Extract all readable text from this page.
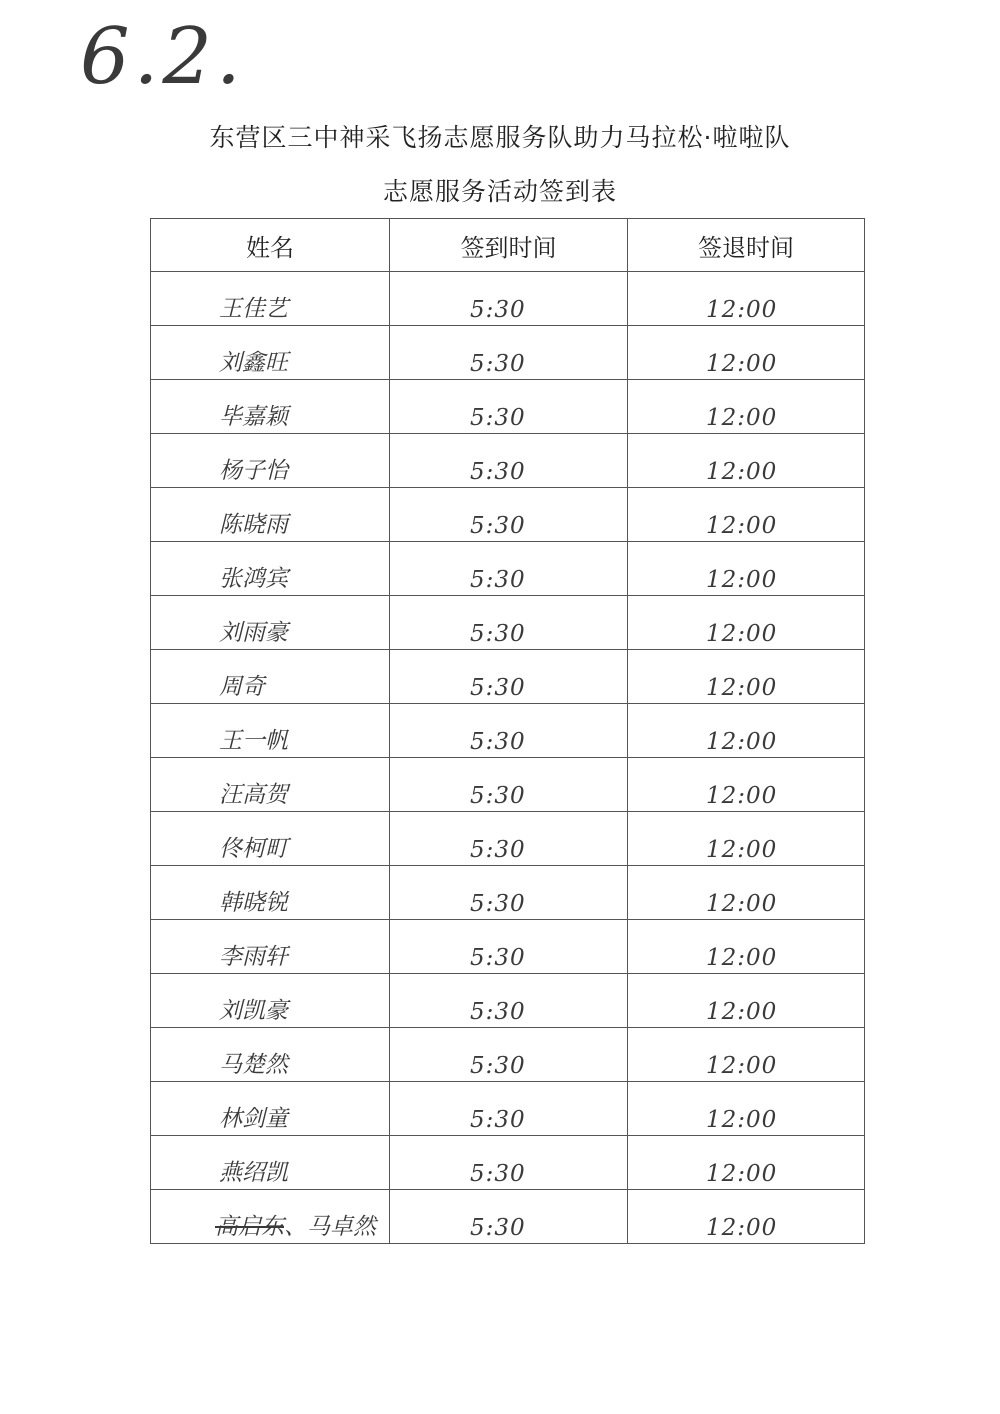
6.2.
东营区三中神采飞扬志愿服务队助力马拉松·啦啦队
志愿服务活动签到表
姓名	签到时间	签退时间

王佳艺	5:30	12:00

刘鑫旺	5:30	12:00

毕嘉颖	5:30	12:00

杨子怡	5:30	12:00

陈晓雨	5:30	12:00

张鸿宾	5:30	12:00

刘雨豪	5:30	12:00

周奇	5:30	12:00

王一帆	5:30	12:00

汪高贺	5:30	12:00

佟柯町	5:30	12:00

韩晓锐	5:30	12:00

李雨轩	5:30	12:00

刘凯豪	5:30	12:00

马楚然	5:30	12:00

林剑童	5:30	12:00

燕绍凯	5:30	12:00

高启东、马卓然	5:30	12:00
